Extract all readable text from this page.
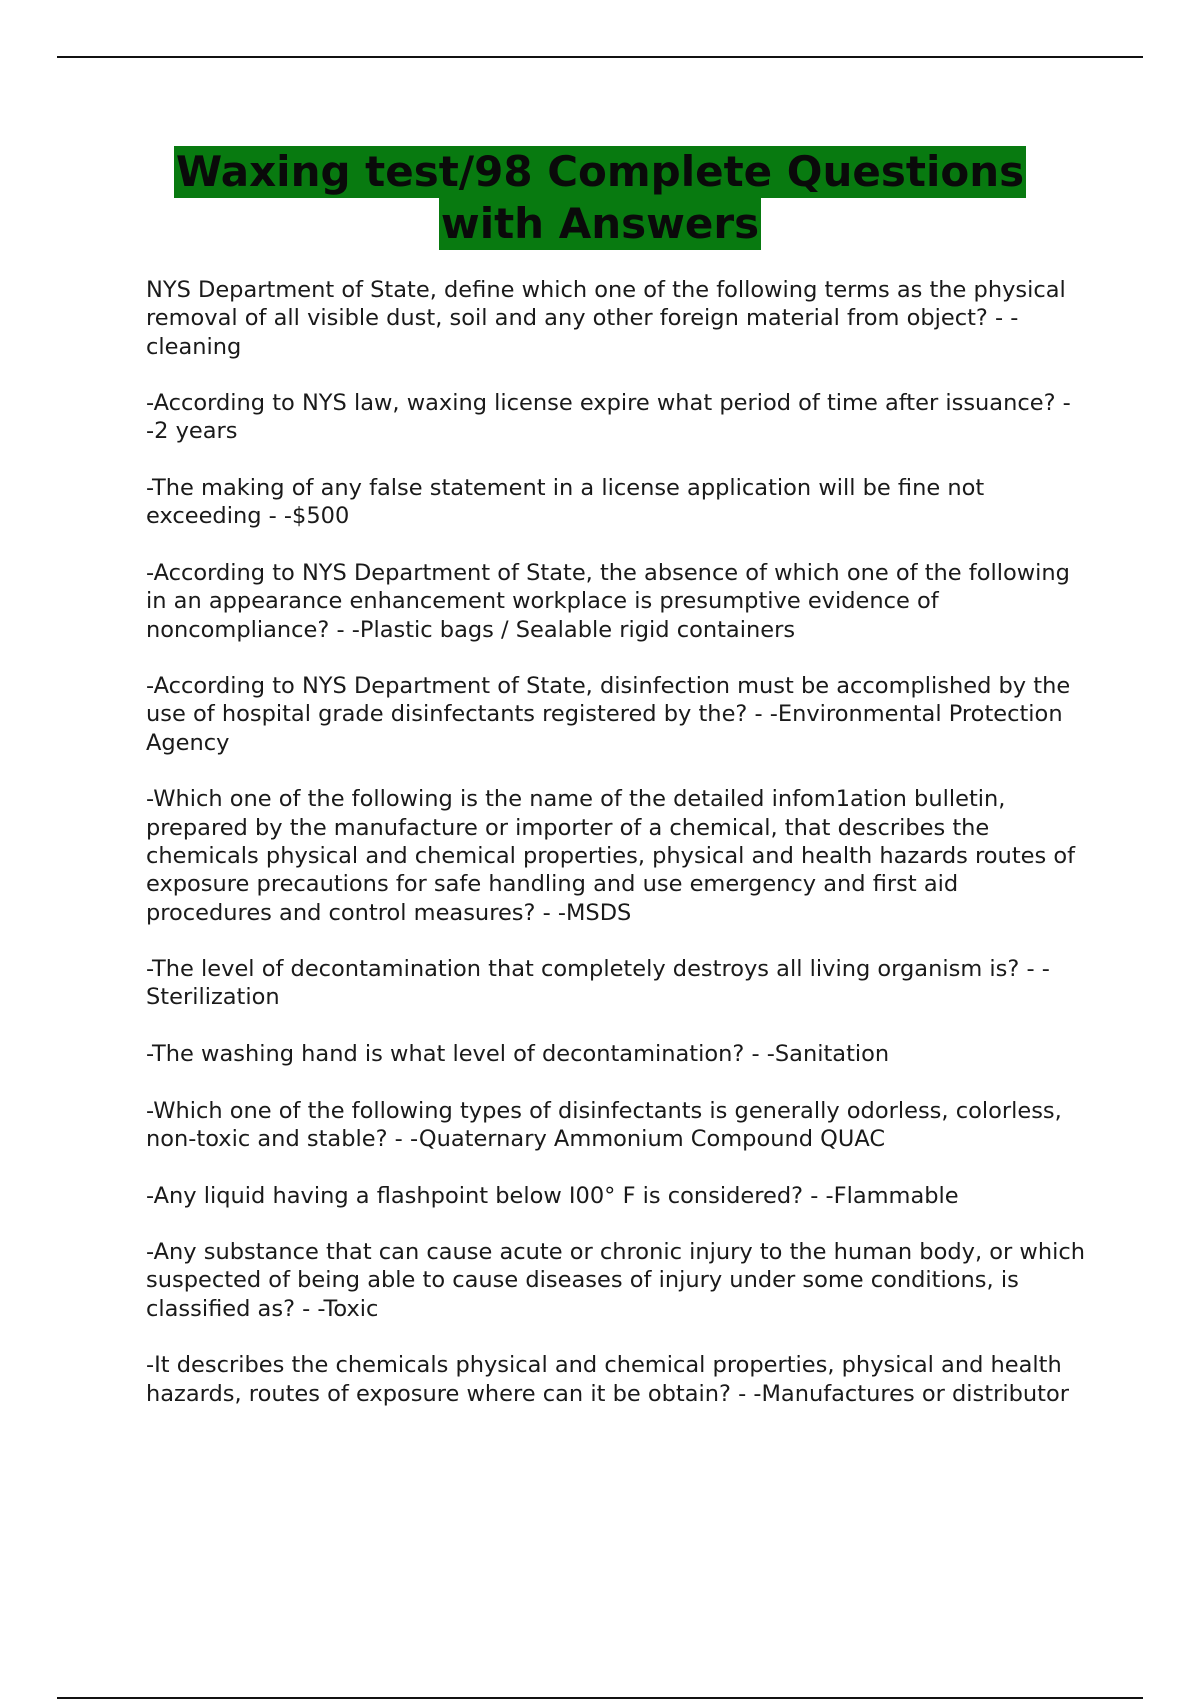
Waxing test/98 Complete Questions
with Answers

NYS Department of State, define which one of the following terms as the physical removal of all visible dust, soil and any other foreign material from object? - -cleaning

-According to NYS law, waxing license expire what period of time after issuance? - -2 years

-The making of any false statement in a license application will be fine not exceeding - -$500

-According to NYS Department of State, the absence of which one of the following in an appearance enhancement workplace is presumptive evidence of noncompliance? - -Plastic bags / Sealable rigid containers

-According to NYS Department of State, disinfection must be accomplished by the use of hospital grade disinfectants registered by the? - -Environmental Protection Agency

-Which one of the following is the name of the detailed infom1ation bulletin, prepared by the manufacture or importer of a chemical, that describes the chemicals physical and chemical properties, physical and health hazards routes of exposure precautions for safe handling and use emergency and first aid procedures and control measures? - -MSDS

-The level of decontamination that completely destroys all living organism is? - -Sterilization

-The washing hand is what level of decontamination? - -Sanitation

-Which one of the following types of disinfectants is generally odorless, colorless, non-toxic and stable? - -Quaternary Ammonium Compound QUAC

-Any liquid having a flashpoint below I00° F is considered? - -Flammable

-Any substance that can cause acute or chronic injury to the human body, or which suspected of being able to cause diseases of injury under some conditions, is classified as? - -Toxic

-It describes the chemicals physical and chemical properties, physical and health hazards, routes of exposure where can it be obtain? - -Manufactures or distributor
